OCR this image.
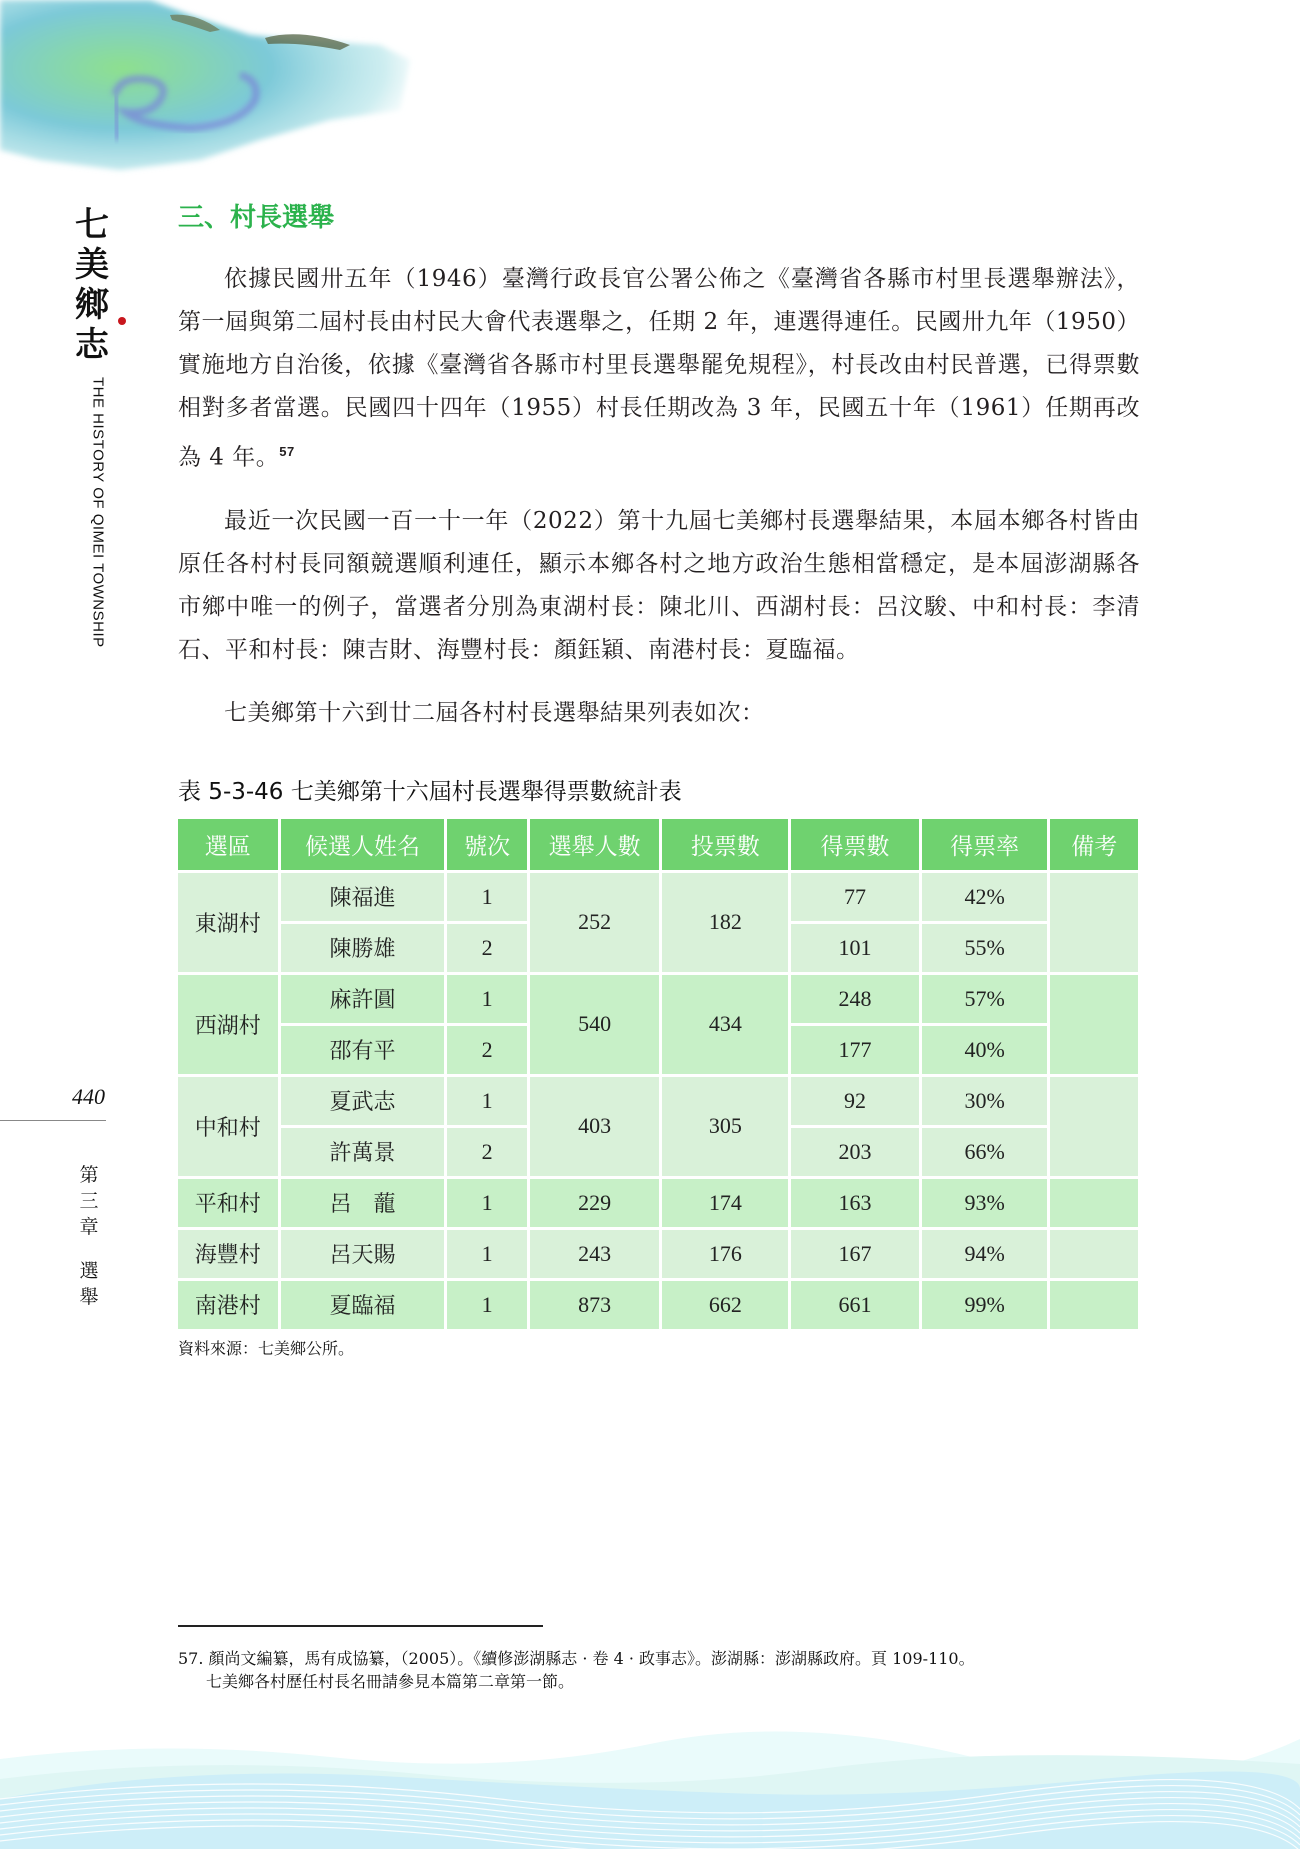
七
美
鄉
志
THE HISTORY OF QIMEI TOWNSHIP
440
第
三
章
選
舉
三、村長選舉

依據民國卅五年（1946）臺灣行政長官公署公佈之《臺灣省各縣市村里長選舉辦法》，第一屆與第二屆村長由村民大會代表選舉之，任期 2 年，連選得連任。民國卅九年（1950）實施地方自治後，依據《臺灣省各縣市村里長選舉罷免規程》，村長改由村民普選，已得票數相對多者當選。民國四十四年（1955）村長任期改為 3 年，民國五十年（1961）任期再改為 4 年。$^{57}$

最近一次民國一百一十一年（2022）第十九屆七美鄉村長選舉結果，本屆本鄉各村皆由原任各村村長同額競選順利連任，顯示本鄉各村之地方政治生態相當穩定，是本屆澎湖縣各市鄉中唯一的例子，當選者分別為東湖村長：陳北川、西湖村長：呂汶駿、中和村長：李清石、平和村長：陳吉財、海豐村長：顏鈺穎、南港村長：夏臨福。

七美鄉第十六到廿二屆各村村長選舉結果列表如次：

表 5-3-46 七美鄉第十六屆村長選舉得票數統計表
選區	候選人姓名	號次	選舉人數	投票數	得票數	得票率	備考
東湖村	陳福進	1	252	182	77	42%	
	陳勝雄	2			101	55%	
西湖村	麻許圓	1	540	434	248	57%	
	邵有平	2			177	40%	
中和村	夏武志	1	403	305	92	30%	
	許萬景	2			203	66%	
平和村	呂　蘢	1	229	174	163	93%	
海豐村	呂天賜	1	243	176	167	94%	
南港村	夏臨福	1	873	662	661	99%	
資料來源：七美鄉公所。
57. 顏尚文編纂，馬有成協纂，（2005）。《續修澎湖縣志 · 卷 4 · 政事志》。澎湖縣：澎湖縣政府。頁 109-110。
七美鄉各村歷任村長名冊請參見本篇第二章第一節。
